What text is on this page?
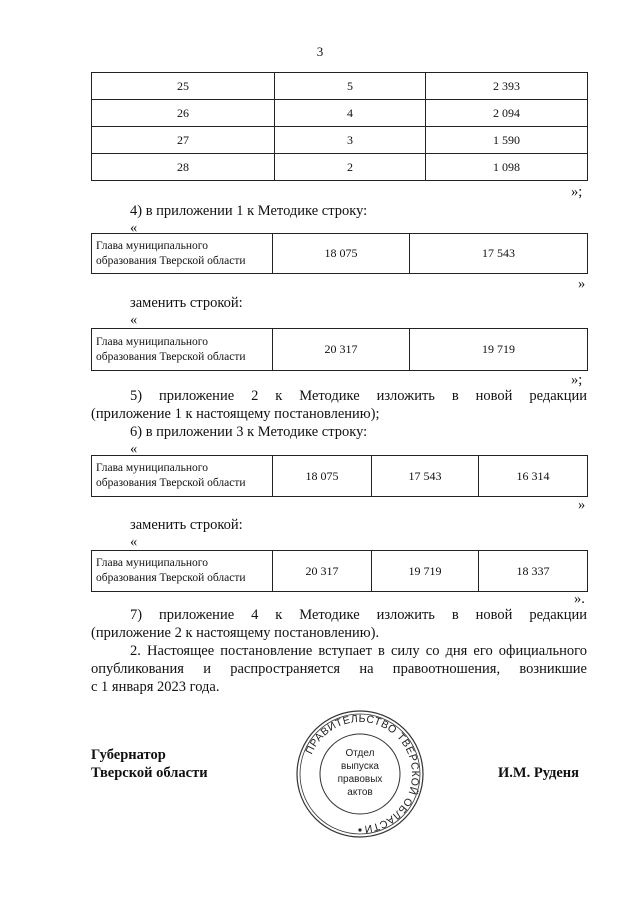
3
25	5	2 393
26	4	2 094
27	3	1 590
28	2	1 098
»;
4) в приложении 1 к Методике строку:
«
Глава муниципального
образования Тверской области	18 075	17 543
»
заменить строкой:
«
Глава муниципального
образования Тверской области	20 317	19 719
»;
5) приложение 2 к Методике изложить в новой редакции
(приложение 1 к настоящему постановлению);
6) в приложении 3 к Методике строку:
«
Глава муниципального
образования Тверской области	18 075	17 543	16 314
»
заменить строкой:
«
Глава муниципального
образования Тверской области	20 317	19 719	18 337
».
7) приложение 4 к Методике изложить в новой редакции
(приложение 2 к настоящему постановлению).
2. Настоящее постановление вступает в силу со дня его официального
опубликования и распространяется на правоотношения, возникшие
с 1 января 2023 года.
Губернатор
Тверской области	И.М. Руденя
ПРАВИТЕЛЬСТВО ТВЕРСКОЙ ОБЛАСТИ
Отдел
выпуска
правовых
актов
